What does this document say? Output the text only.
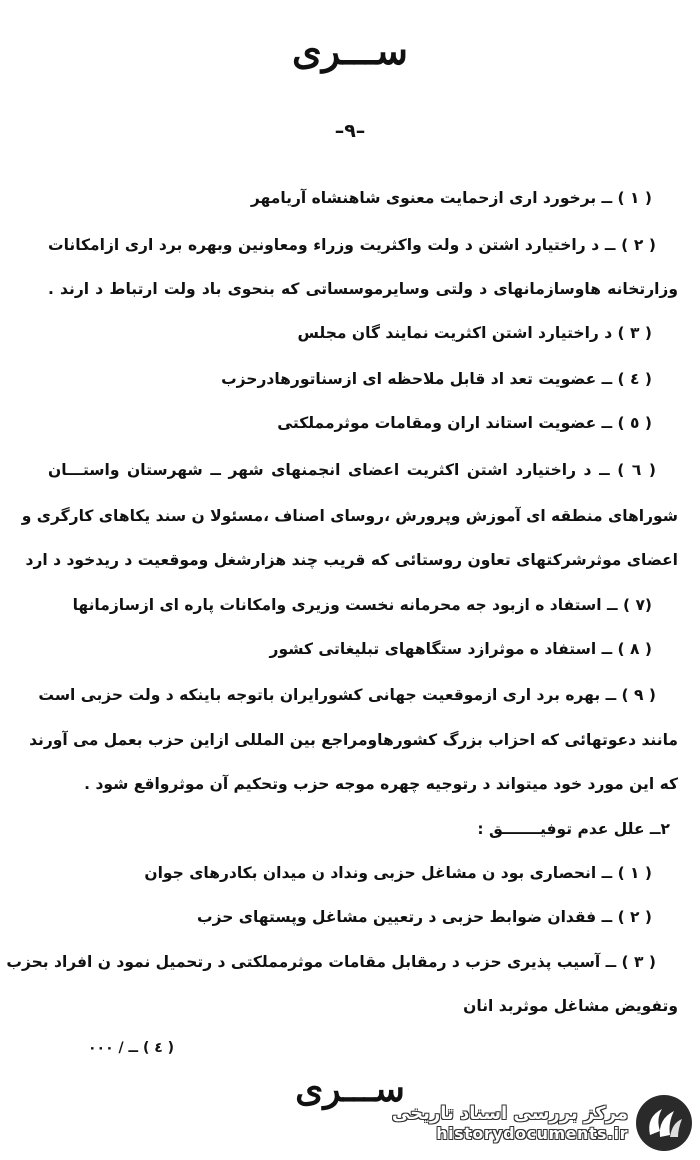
ســـری
–۹–
( ۱ ) ــ برخورد اری ازحمایت معنوی شاهنشاه آریامهر
( ۲ ) ــ د راختیارد اشتن د ولت واکثریت وزراء ومعاونین وبهره برد اری ازامکانات
وزارتخانه هاوسازمانهای د ولتی وسایرموسساتی که بنحوی باد ولت ارتباط د ارند .
( ۳ ) د راختیارد اشتن اکثریت نمایند گان مجلس
( ٤ ) ــ عضویت تعد اد قابل ملاحظه ای ازسناتورهادرحزب
( ٥ ) ــ عضویت استاند اران ومقامات موثرمملکتی
( ٦ ) ــ د راختیارد اشتن اکثریت اعضای انجمنهای شهر ــ شهرستان واستـــان
شوراهای منطقه ای آموزش وپرورش ،روسای اصناف ،مسئولا ن سند یکاهای کارگری و
اعضای موثرشرکتهای تعاون روستائی که قریب چند هزارشغل وموقعیت د ریدخود د ارد
(۷ ) ــ استفاد ه ازبود جه محرمانه نخست وزیری وامکانات پاره ای ازسازمانها
( ۸ ) ــ استفاد ه موثرازد ستگاههای تبلیغاتی کشور
( ۹ ) ــ بهره برد اری ازموقعیت جهانی کشورایران باتوجه باینکه د ولت حزبی است
مانند دعوتهائی که احزاب بزرگ کشورهاومراجع بین المللی ازاین حزب بعمل می آورند
که این مورد خود میتواند د رتوجیه چهره موجه حزب وتحکیم آن موثرواقع شود .
۲ــ علل عدم توفیـــــــق :
( ۱ ) ــ انحصاری بود ن مشاغل حزبی ونداد ن میدان بکادرهای جوان
( ۲ ) ــ فقدان ضوابط حزبی د رتعیین مشاغل وپستهای حزب
( ۳ ) ــ آسیب پذیری حزب د رمقابل مقامات موثرمملکتی د رتحمیل نمود ن افراد بحزب
وتفویض مشاغل موثربد انان
( ٤ ) ــ / ۰۰۰
ســـری
مرکز بررسی اسناد تاریخی
historydocuments.ir
